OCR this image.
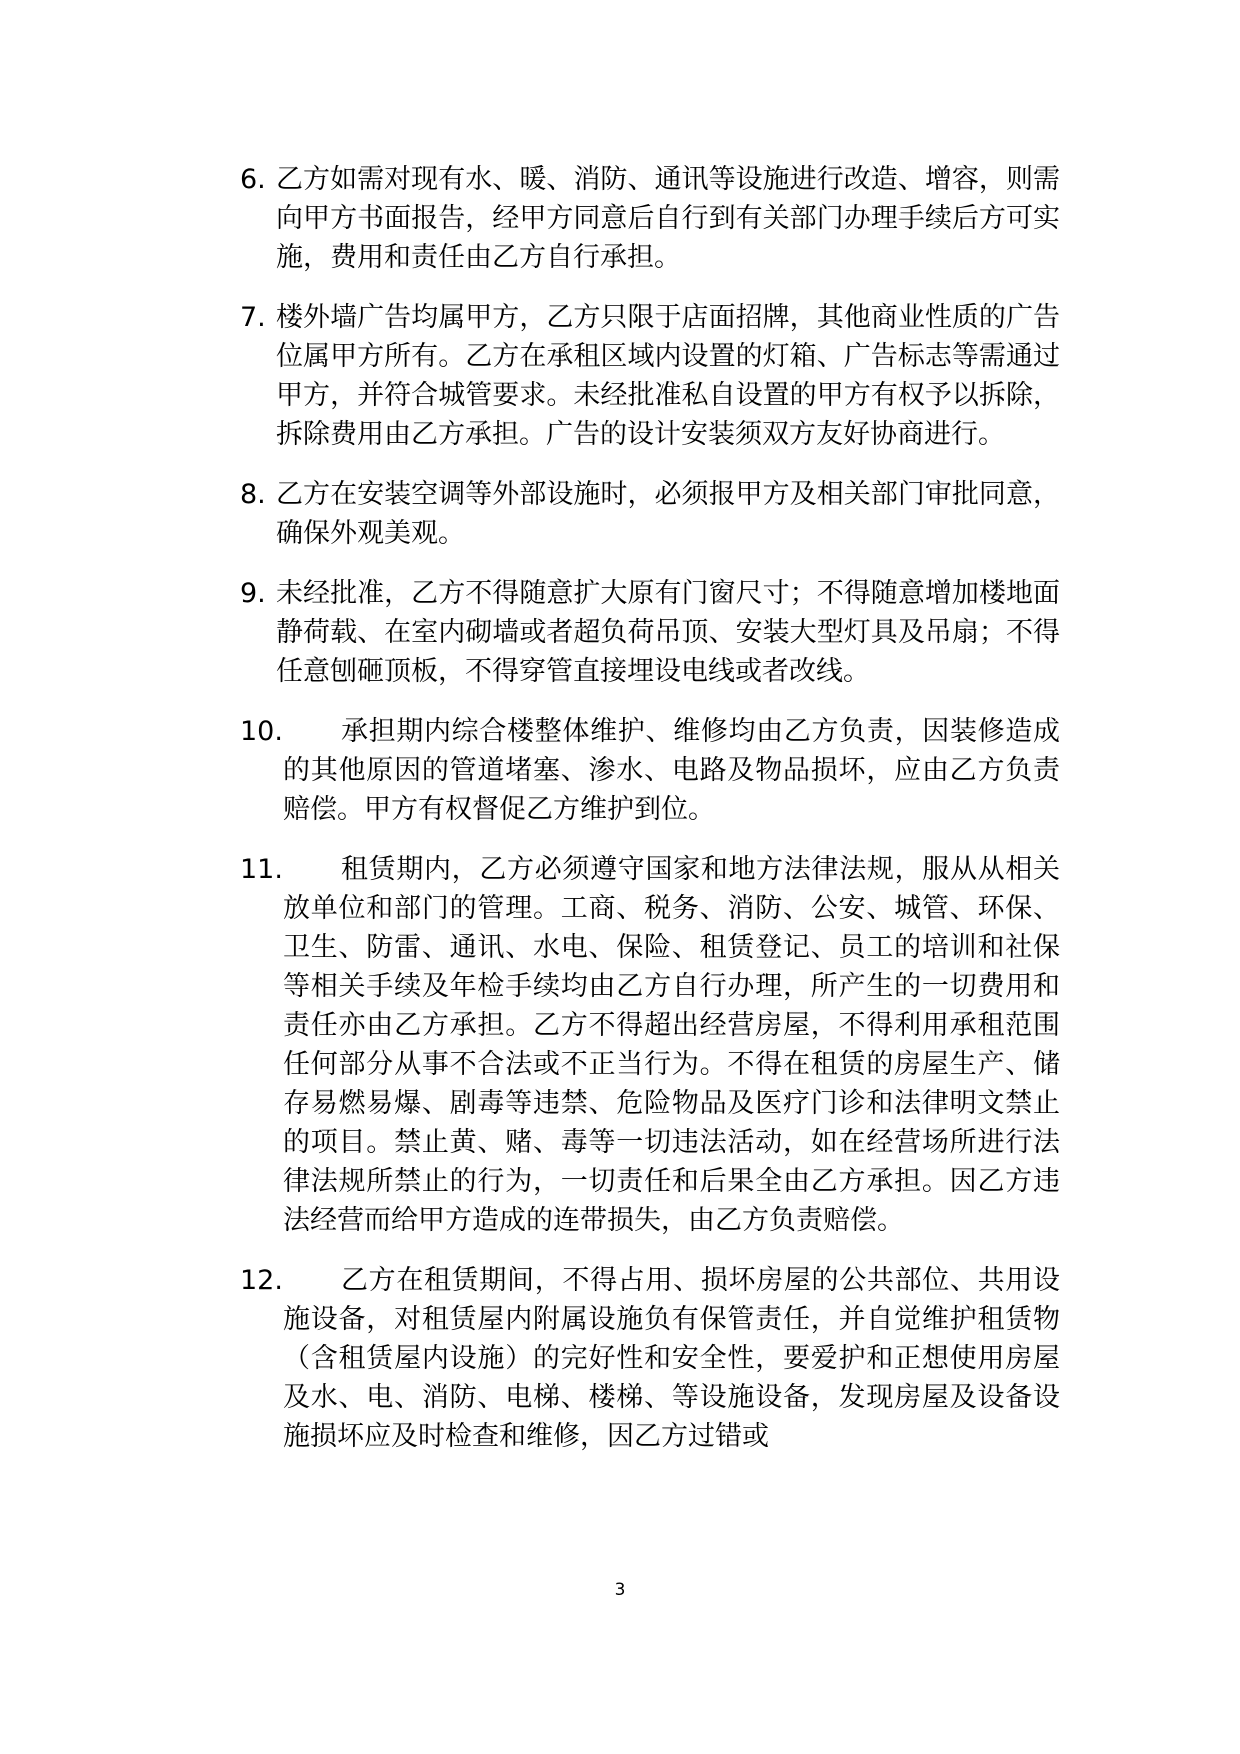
6. 乙方如需对现有水、暖、消防、通讯等设施进行改造、增容，则需向甲方书面报告，经甲方同意后自行到有关部门办理手续后方可实施，费用和责任由乙方自行承担。
7. 楼外墙广告均属甲方，乙方只限于店面招牌，其他商业性质的广告位属甲方所有。乙方在承租区域内设置的灯箱、广告标志等需通过甲方，并符合城管要求。未经批准私自设置的甲方有权予以拆除，拆除费用由乙方承担。广告的设计安装须双方友好协商进行。
8. 乙方在安装空调等外部设施时，必须报甲方及相关部门审批同意，确保外观美观。
9. 未经批准，乙方不得随意扩大原有门窗尺寸；不得随意增加楼地面静荷载、在室内砌墙或者超负荷吊顶、安装大型灯具及吊扇；不得任意刨砸顶板，不得穿管直接埋设电线或者改线。
10.	承担期内综合楼整体维护、维修均由乙方负责，因装修造成的其他原因的管道堵塞、渗水、电路及物品损坏，应由乙方负责赔偿。甲方有权督促乙方维护到位。
11.	租赁期内，乙方必须遵守国家和地方法律法规，服从从相关放单位和部门的管理。工商、税务、消防、公安、城管、环保、卫生、防雷、通讯、水电、保险、租赁登记、员工的培训和社保等相关手续及年检手续均由乙方自行办理，所产生的一切费用和责任亦由乙方承担。乙方不得超出经营房屋，不得利用承租范围任何部分从事不合法或不正当行为。不得在租赁的房屋生产、储存易燃易爆、剧毒等违禁、危险物品及医疗门诊和法律明文禁止的项目。禁止黄、赌、毒等一切违法活动，如在经营场所进行法律法规所禁止的行为，一切责任和后果全由乙方承担。因乙方违法经营而给甲方造成的连带损失，由乙方负责赔偿。
12.	乙方在租赁期间，不得占用、损坏房屋的公共部位、共用设施设备，对租赁屋内附属设施负有保管责任，并自觉维护租赁物（含租赁屋内设施）的完好性和安全性，要爱护和正想使用房屋及水、电、消防、电梯、楼梯、等设施设备，发现房屋及设备设施损坏应及时检查和维修，因乙方过错或
3
